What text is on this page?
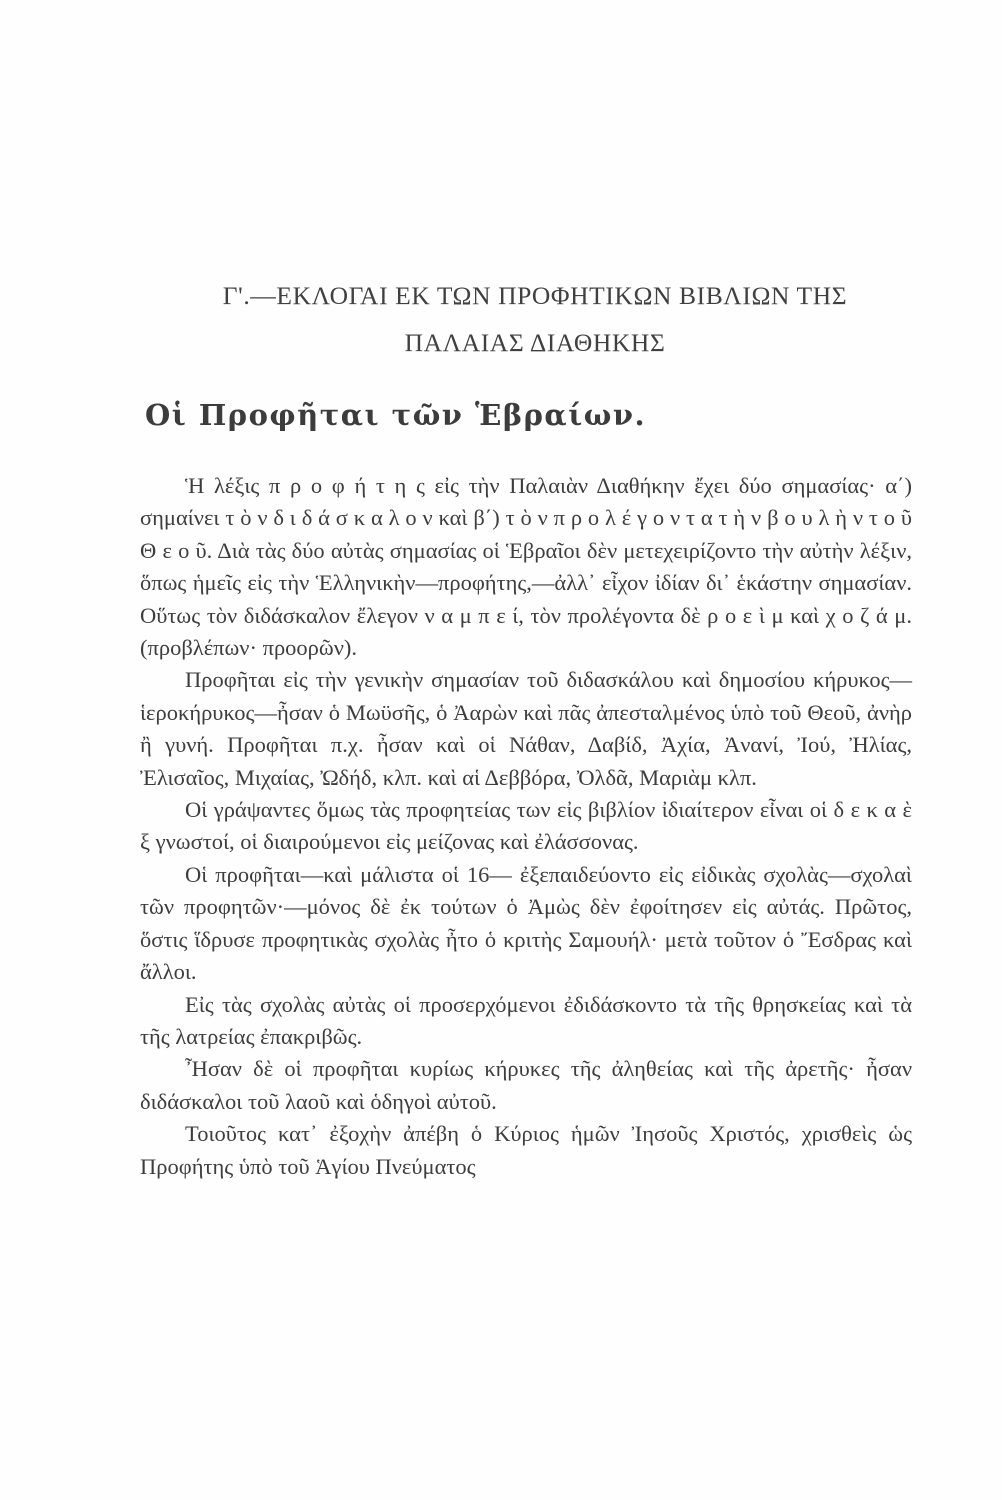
Γ'.—ΕΚΛΟΓΑΙ ΕΚ ΤΩΝ ΠΡΟΦΗΤΙΚΩΝ ΒΙΒΛΙΩΝ ΤΗΣ
ΠΑΛΑΙΑΣ ΔΙΑΘΗΚΗΣ
Οἱ Προφῆται τῶν Ἑβραίων.

Ἡ λέξις π ρ ο φ ή τ η ς εἰς τὴν Παλαιὰν Διαθήκην ἔχει δύο σημασίας· α΄) σημαίνει τ ὸ ν δ ι δ ά σ κ α λ ο ν καὶ β΄) τ ὸ ν π ρ ο λ έ γ ο ν τ α τ ὴ ν β ο υ λ ὴ ν τ ο ῦ Θ ε ο ῦ. Διὰ τὰς δύο αὐτὰς σημασίας οἱ Ἑβραῖοι δὲν μετεχειρίζοντο τὴν αὐτὴν λέξιν, ὅπως ἡμεῖς εἰς τὴν Ἑλληνικὴν—προφήτης,—ἀλλ᾽ εἶχον ἰδίαν δι᾽ ἑκάστην σημασίαν. Οὕτως τὸν διδάσκαλον ἔλεγον ν α μ π ε ί, τὸν προλέγοντα δὲ ρ ο ε ὶ μ καὶ χ ο ζ ά μ. (προβλέπων· προορῶν).

Προφῆται εἰς τὴν γενικὴν σημασίαν τοῦ διδασκάλου καὶ δημοσίου κήρυκος—ἱεροκήρυκος—ἦσαν ὁ Μωϋσῆς, ὁ Ἀαρὼν καὶ πᾶς ἀπεσταλμένος ὑπὸ τοῦ Θεοῦ, ἀνὴρ ἢ γυνή. Προφῆται π.χ. ἦσαν καὶ οἱ Νάθαν, Δαβίδ, Ἀχία, Ἀνανί, Ἰού, Ἠλίας, Ἐλισαῖος, Μιχαίας, Ὠδήδ, κλπ. καὶ αἱ Δεββόρα, Ὀλδᾶ, Μαριὰμ κλπ.

Οἱ γράψαντες ὅμως τὰς προφητείας των εἰς βιβλίον ἰδιαίτερον εἶναι οἱ δ ε κ α ὲ ξ γνωστοί, οἱ διαιρούμενοι εἰς μείζονας καὶ ἐλάσσονας.

Οἱ προφῆται—καὶ μάλιστα οἱ 16— ἐξεπαιδεύοντο εἰς εἰδικὰς σχολὰς—σχολαὶ τῶν προφητῶν·—μόνος δὲ ἐκ τούτων ὁ Ἀμὼς δὲν ἐφοίτησεν εἰς αὐτάς. Πρῶτος, ὅστις ἵδρυσε προφητικὰς σχολὰς ἦτο ὁ κριτὴς Σαμουήλ· μετὰ τοῦτον ὁ Ἔσδρας καὶ ἄλλοι.

Εἰς τὰς σχολὰς αὐτὰς οἱ προσερχόμενοι ἐδιδάσκοντο τὰ τῆς θρησκείας καὶ τὰ τῆς λατρείας ἐπακριβῶς.

Ἦσαν δὲ οἱ προφῆται κυρίως κήρυκες τῆς ἀληθείας καὶ τῆς ἀρετῆς· ἦσαν διδάσκαλοι τοῦ λαοῦ καὶ ὁδηγοὶ αὐτοῦ.

Τοιοῦτος κατ᾽ ἐξοχὴν ἀπέβη ὁ Κύριος ἡμῶν Ἰησοῦς Χριστός, χρισθεὶς ὡς Προφήτης ὑπὸ τοῦ Ἁγίου Πνεύματος
